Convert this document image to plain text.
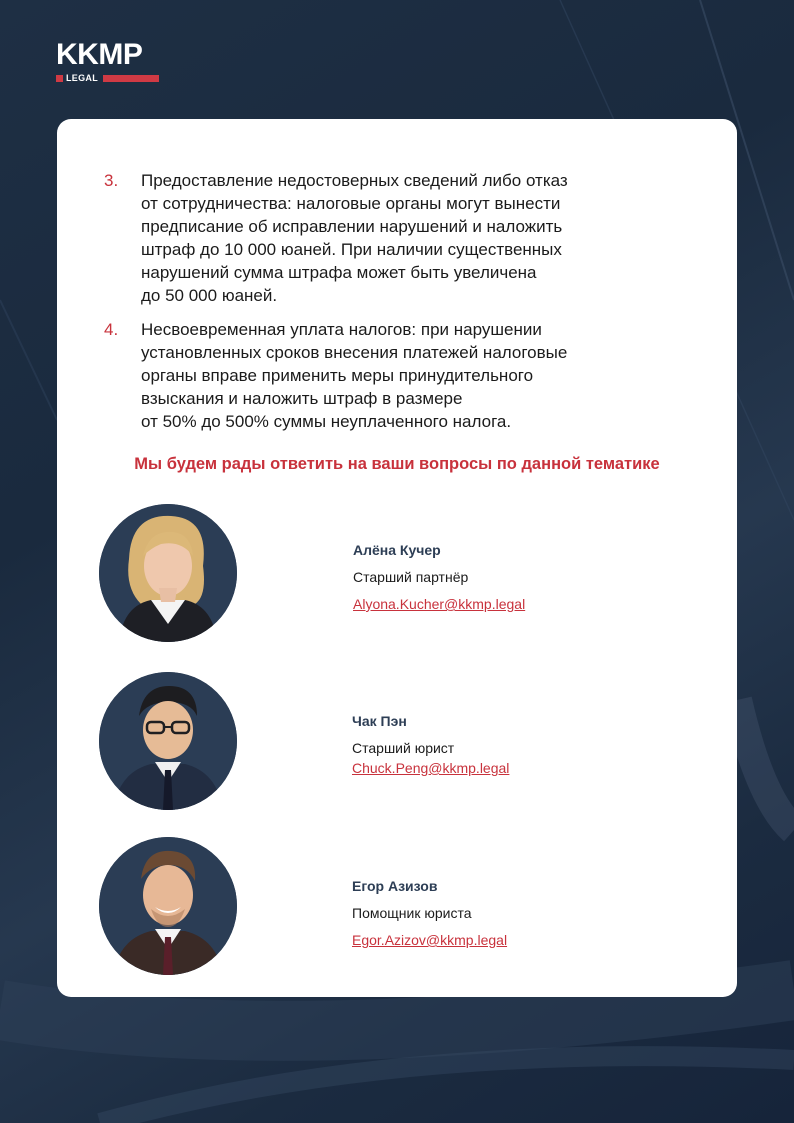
KKMP
LEGAL
3. Предоставление недостоверных сведений либо отказ
от сотрудничества: налоговые органы могут вынести
предписание об исправлении нарушений и наложить
штраф до 10 000 юаней. При наличии существенных
нарушений сумма штрафа может быть увеличена
до 50 000 юаней.
4. Несвоевременная уплата налогов: при нарушении
установленных сроков внесения платежей налоговые
органы вправе применить меры принудительного
взыскания и наложить штраф в размере
от 50% до 500% суммы неуплаченного налога.
Мы будем рады ответить на ваши вопросы по данной тематике
Алёна Кучер
Старший партнёр
Alyona.Kucher@kkmp.legal
Чак Пэн
Старший юрист
Chuck.Peng@kkmp.legal
Егор Азизов
Помощник юриста
Egor.Azizov@kkmp.legal
